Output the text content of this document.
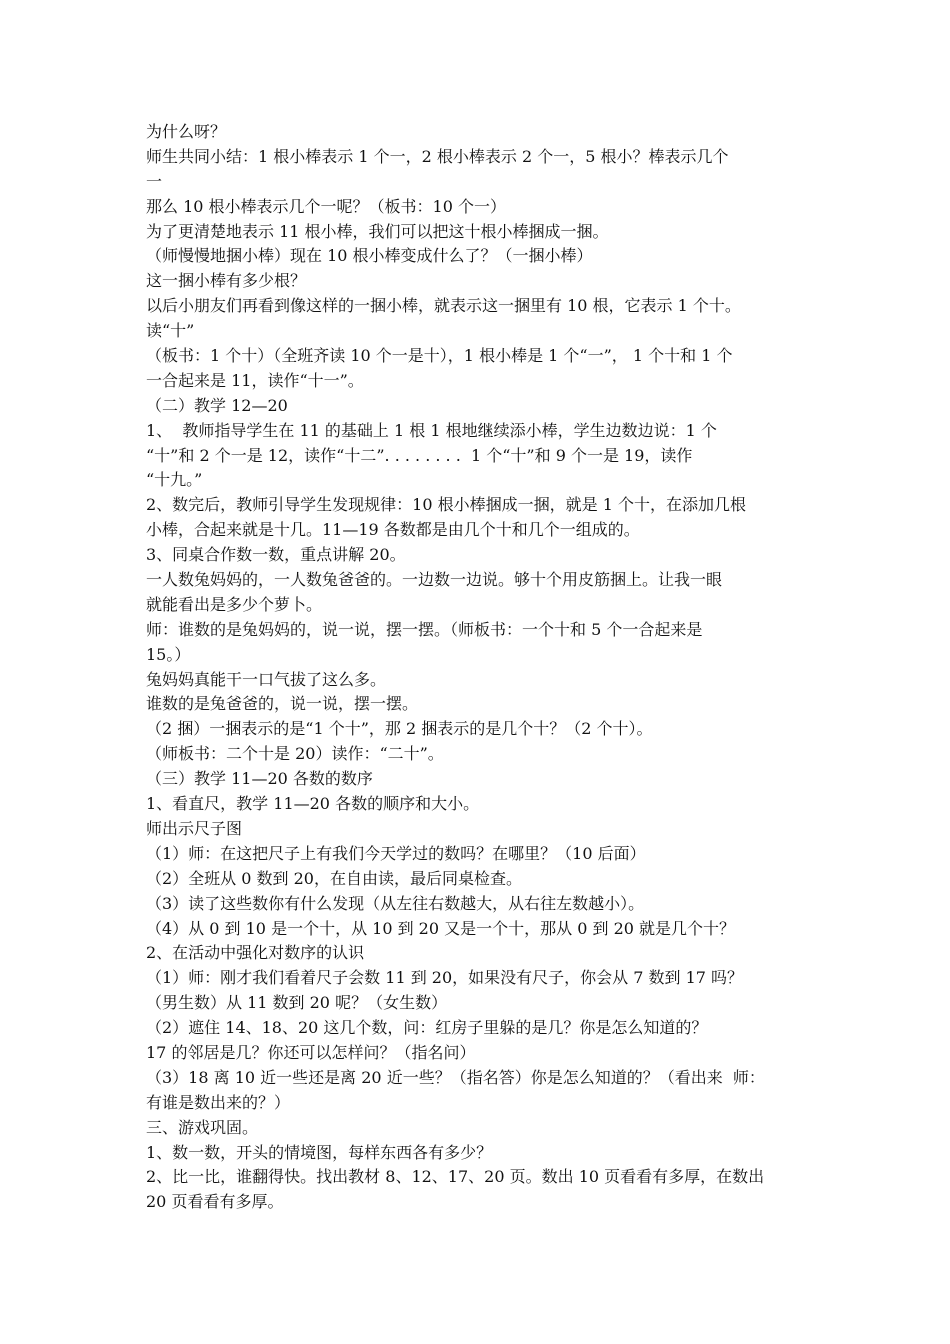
为什么呀？
师生共同小结：1 根小棒表示 1 个一，2 根小棒表示 2 个一，5 根小？棒表示几个
一
那么 10 根小棒表示几个一呢？（板书：10 个一）
为了更清楚地表示 11 根小棒，我们可以把这十根小棒捆成一捆。
（师慢慢地捆小棒）现在 10 根小棒变成什么了？（一捆小棒）
这一捆小棒有多少根？
以后小朋友们再看到像这样的一捆小棒，就表示这一捆里有 10 根，它表示 1 个十。
读“十”
（板书：1 个十）（全班齐读 10 个一是十），1 根小棒是 1 个“一”， 1 个十和 1 个
一合起来是 11，读作“十一”。
（二）教学 12—20
1、  教师指导学生在 11 的基础上 1 根 1 根地继续添小棒，学生边数边说：1 个
“十”和 2 个一是 12，读作“十二”. . . . . . . .  1 个“十”和 9 个一是 19，读作
“十九。”
2、数完后，教师引导学生发现规律：10 根小棒捆成一捆，就是 1 个十，在添加几根
小棒，合起来就是十几。11—19 各数都是由几个十和几个一组成的。
3、同桌合作数一数，重点讲解 20。
一人数兔妈妈的，一人数兔爸爸的。一边数一边说。够十个用皮筋捆上。让我一眼
就能看出是多少个萝卜。
师：谁数的是兔妈妈的，说一说，摆一摆。（师板书：一个十和 5 个一合起来是
15。）
兔妈妈真能干一口气拔了这么多。
谁数的是兔爸爸的，说一说，摆一摆。
（2 捆）一捆表示的是“1 个十”，那 2 捆表示的是几个十？（2 个十）。
（师板书：二个十是 20）读作：“二十”。
（三）教学 11—20 各数的数序
1、看直尺，教学 11—20 各数的顺序和大小。
师出示尺子图
（1）师：在这把尺子上有我们今天学过的数吗？在哪里？（10 后面）
（2）全班从 0 数到 20，在自由读，最后同桌检查。
（3）读了这些数你有什么发现（从左往右数越大，从右往左数越小）。
（4）从 0 到 10 是一个十，从 10 到 20 又是一个十，那从 0 到 20 就是几个十？
2、在活动中强化对数序的认识
（1）师：刚才我们看着尺子会数 11 到 20，如果没有尺子，你会从 7 数到 17 吗？
（男生数）从 11 数到 20 呢？（女生数）
（2）遮住 14、18、20 这几个数，问：红房子里躲的是几？你是怎么知道的？
17 的邻居是几？你还可以怎样问？（指名问）
（3）18 离 10 近一些还是离 20 近一些？（指名答）你是怎么知道的？（看出来  师：
有谁是数出来的？）
三、游戏巩固。
1、数一数，开头的情境图，每样东西各有多少？
2、比一比，谁翻得快。找出教材 8、12、17、20 页。数出 10 页看看有多厚，在数出
20 页看看有多厚。
